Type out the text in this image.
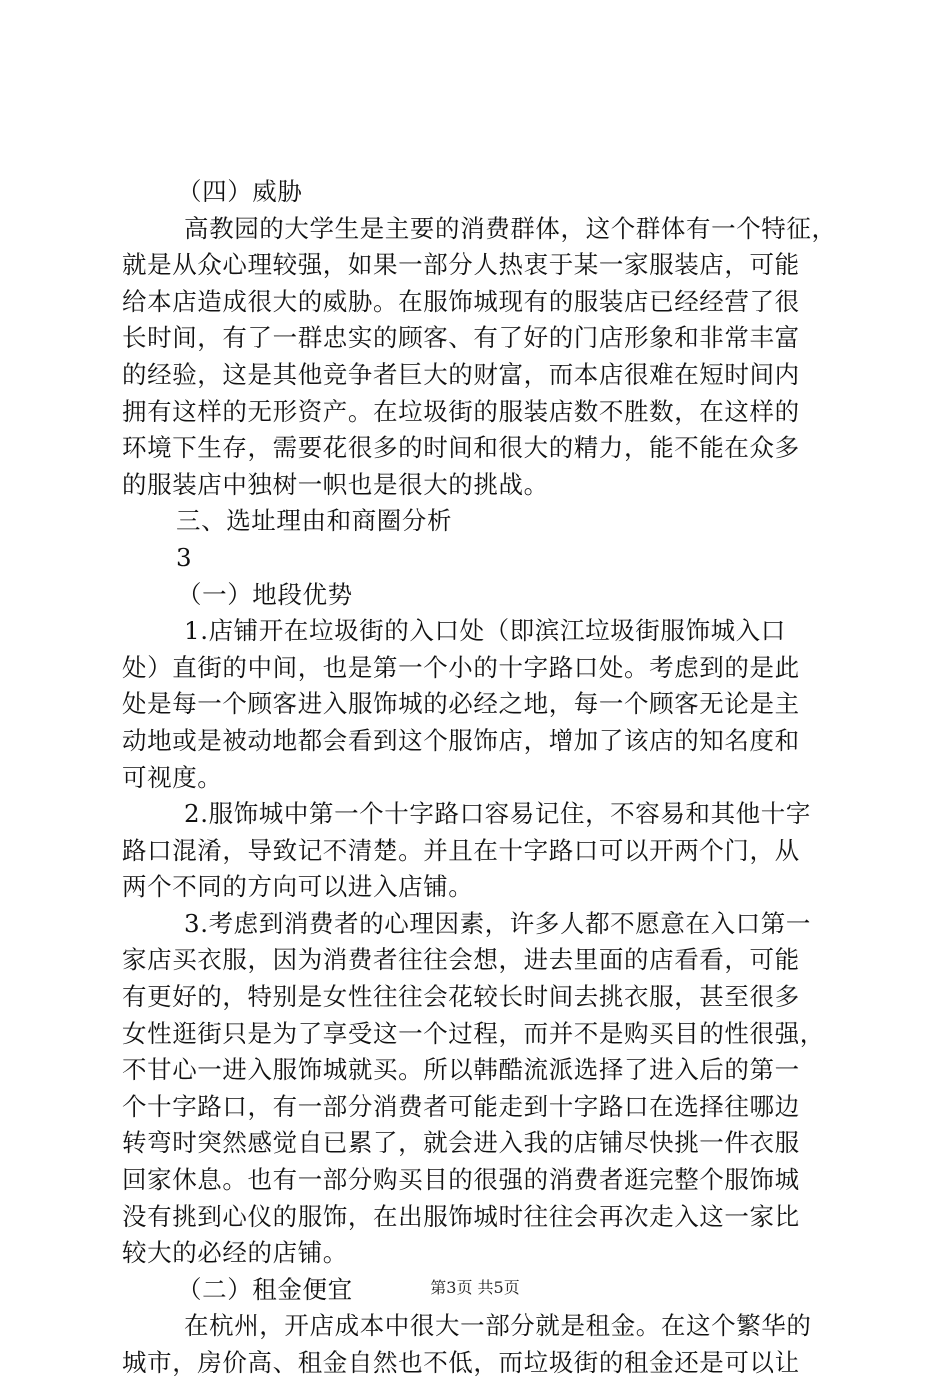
（四）威胁
高教园的大学生是主要的消费群体，这个群体有一个特征，
就是从众心理较强，如果一部分人热衷于某一家服装店，可能
给本店造成很大的威胁。在服饰城现有的服装店已经经营了很
长时间，有了一群忠实的顾客、有了好的门店形象和非常丰富
的经验，这是其他竞争者巨大的财富，而本店很难在短时间内
拥有这样的无形资产。在垃圾街的服装店数不胜数，在这样的
环境下生存，需要花很多的时间和很大的精力，能不能在众多
的服装店中独树一帜也是很大的挑战。
三、选址理由和商圈分析
3
（一）地段优势
1.店铺开在垃圾街的入口处（即滨江垃圾街服饰城入口
处）直街的中间，也是第一个小的十字路口处。考虑到的是此
处是每一个顾客进入服饰城的必经之地，每一个顾客无论是主
动地或是被动地都会看到这个服饰店，增加了该店的知名度和
可视度。
2.服饰城中第一个十字路口容易记住，不容易和其他十字
路口混淆，导致记不清楚。并且在十字路口可以开两个门，从
两个不同的方向可以进入店铺。
3.考虑到消费者的心理因素，许多人都不愿意在入口第一
家店买衣服，因为消费者往往会想，进去里面的店看看，可能
有更好的，特别是女性往往会花较长时间去挑衣服，甚至很多
女性逛街只是为了享受这一个过程，而并不是购买目的性很强，
不甘心一进入服饰城就买。所以韩酷流派选择了进入后的第一
个十字路口，有一部分消费者可能走到十字路口在选择往哪边
转弯时突然感觉自已累了，就会进入我的店铺尽快挑一件衣服
回家休息。也有一部分购买目的很强的消费者逛完整个服饰城
没有挑到心仪的服饰，在出服饰城时往往会再次走入这一家比
较大的必经的店铺。
（二）租金便宜
在杭州，开店成本中很大一部分就是租金。在这个繁华的
城市，房价高、租金自然也不低，而垃圾街的租金还是可以让
第3页 共5页
